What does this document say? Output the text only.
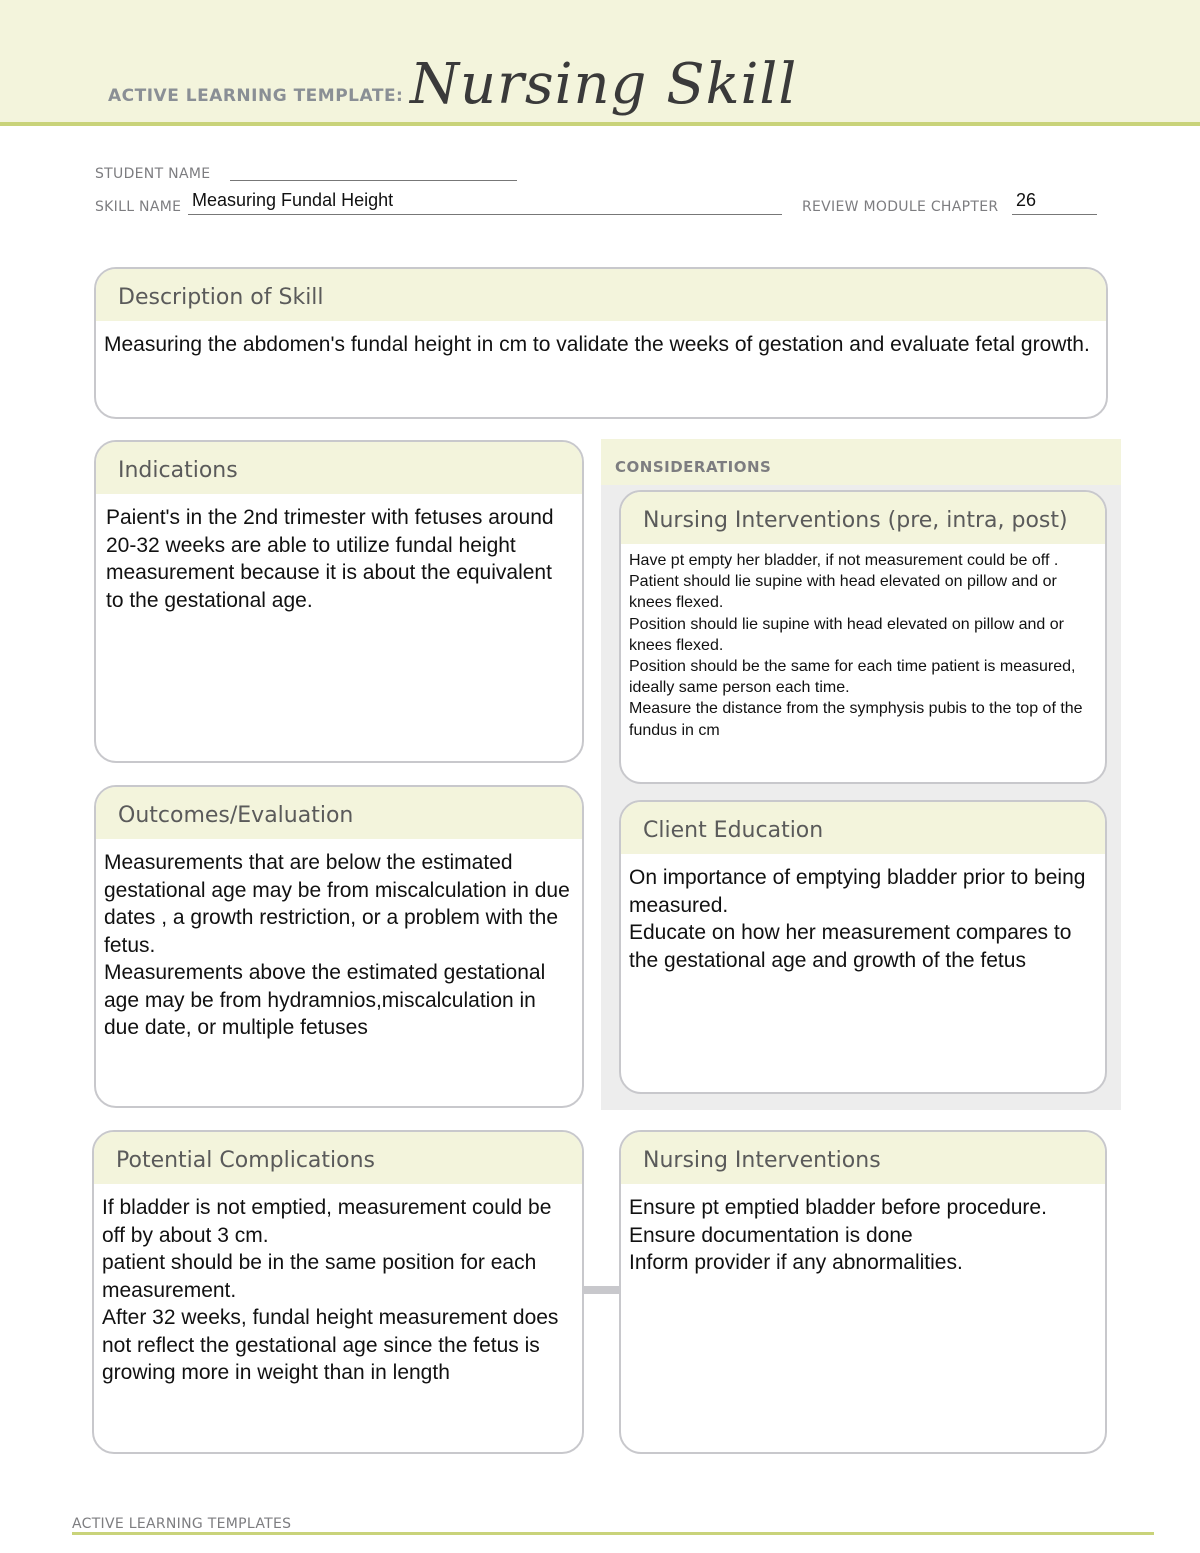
ACTIVE LEARNING TEMPLATE: Nursing Skill
STUDENT NAME
SKILL NAME Measuring Fundal Height	REVIEW MODULE CHAPTER 26
Description of Skill
Measuring the abdomen's fundal height in cm to validate the weeks of gestation and evaluate fetal growth.
Indications
Paient's in the 2nd trimester with fetuses around 20-32 weeks are able to utilize fundal height measurement because it is about the equivalent to the gestational age.
CONSIDERATIONS
Nursing Interventions (pre, intra, post)
Have pt empty her bladder, if not measurement could be off .
Patient should lie supine with head elevated on pillow and or knees flexed.
Position should lie supine with head elevated on pillow and or knees flexed.
Position should be the same for each time patient is measured, ideally same person each time.
Measure the distance from the symphysis pubis to the top of the fundus in cm
Outcomes/Evaluation
Measurements that are below the estimated gestational age may be from miscalculation in due dates , a growth restriction, or a problem with the fetus.
Measurements above the estimated gestational age may be from hydramnios,miscalculation in due date, or multiple fetuses
Client Education
On importance of emptying bladder prior to being measured.
Educate on how her measurement compares to the gestational age and growth of the fetus
Potential Complications
If bladder is not emptied, measurement could be off by about 3 cm.
patient should be in the same position for each measurement.
After 32 weeks, fundal height measurement does not reflect the gestational age since the fetus is growing more in weight than in length
Nursing Interventions
Ensure pt emptied bladder before procedure.
Ensure documentation is done
Inform provider if any abnormalities.
ACTIVE LEARNING TEMPLATES
